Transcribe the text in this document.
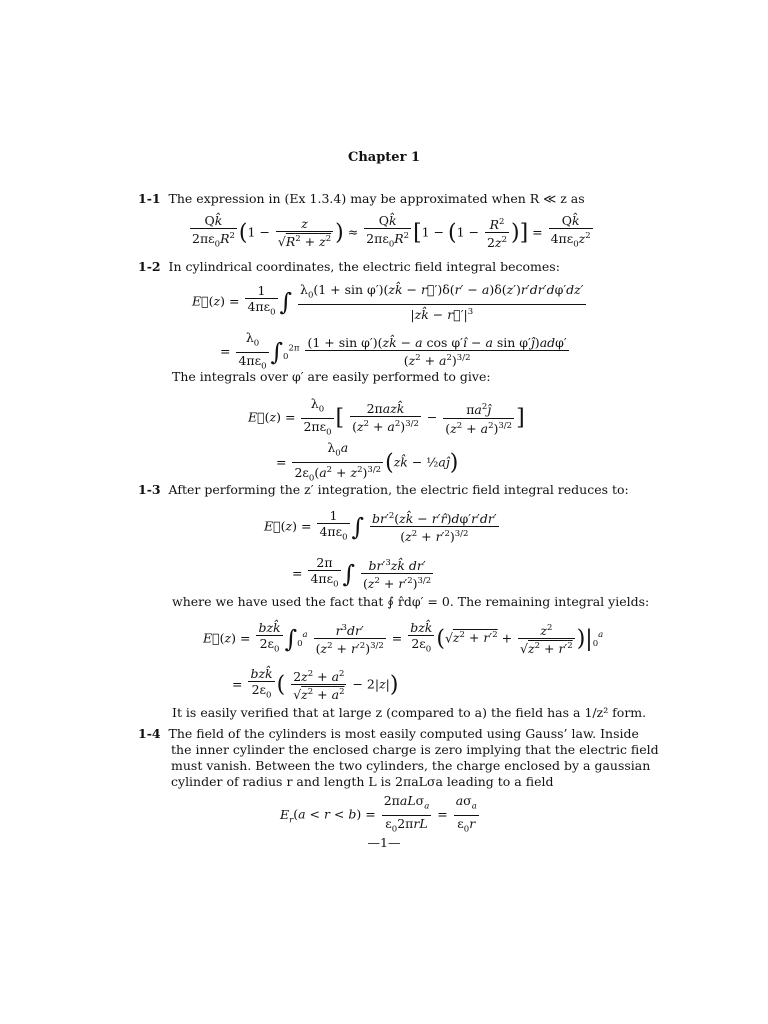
Chapter 1
1-1 The expression in (Ex 1.3.4) may be approximated when R ≪ z as
$\frac{Qk̂}{2\pi\varepsilon_0R^2} (1 - \frac{z}{√R^2 + z^2}$ ) ≈ $\frac{Qk̂}{2\pi\varepsilon_0R^2} [1 - (1 - \frac{R^2}{2z^2}$ )] = $\frac{Qk̂}{4\pi\varepsilon_0z^2}$
1-2 In cylindrical coordinates, the electric field integral becomes:
E⃗(z) = $\frac{1}{4\pi\varepsilon_0}$ ∫ $\frac{\lambda_0(1 + \sin \varphi')(zk̂ - r⃗')\delta(r' - a)\delta(z')r'dr'd\varphi'dz'}{|zk̂ - r⃗'|^3}$
= $\frac{\lambda_0}{4\pi\varepsilon_0} \int_0^{2\pi} \frac{\text{(1 + sin φ′)(zk̂ − a cos φ′î − a sin φ′ĵ)adφ′}}{(z^2 + a^2)^{3/2}}$
The integrals over φ′ are easily performed to give:
E⃗(z) = $\frac{\lambda_0}{2\pi\varepsilon_0}$ [ $\frac{\text{2πazk̂}}{(z^2 + a^2)^{3/2}} - \frac{\pi a^2ĵ}{(z^2 + a^2)^{3/2}}$ ]
= $\frac{\lambda_0a}{2\varepsilon_0(a^2 + z^2)^{3/2}}$ (zk̂ − ½aĵ)
1-3 After performing the z′ integration, the electric field integral reduces to:
E⃗(z) = $\frac{1}{4\pi\varepsilon_0}$ ∫ $\frac{br'^2(zk̂ - r'r̂)d\varphi'r'dr'}{(z^2 + r'^2)^{3/2}}$
= $\frac{2\pi}{4\pi\varepsilon_0}$ ∫ $\frac{br'^3zk̂ dr'}{(z^2 + r'^2)^{3/2}}$
where we have used the fact that ∮ r̂dφ′ = 0. The remaining integral yields:
E⃗(z) = $\frac{\text{bzk̂}}{2\varepsilon_0} \int_0^a \frac{r^3dr'}{(z^2 + r'^2)^{3/2}} = \frac{\text{bzk̂}}{2\varepsilon_0} (√z^2 + r'^2 + \frac{z^2}{√z^2 + r'^2} )|_0^a$
= $\frac{\text{bzk̂}}{2\varepsilon_0}$ ( $\frac{2z^2 + a^2}{√z^2 + a^2} - 2|z|$)
It is easily verified that at large z (compared to a) the field has a 1/z² form.
1-4 The field of the cylinders is most easily computed using Gauss’ law. Inside
the inner cylinder the enclosed charge is zero implying that the electric field
must vanish. Between the two cylinders, the charge enclosed by a gaussian
cylinder of radius r and length L is 2πaLσa leading to a field
$E_r(a < r < b) = \frac{2\pi aL\sigma_a}{\varepsilon_02\pi rL} = \frac{a\sigma_a}{\varepsilon_0r}$
—1—
